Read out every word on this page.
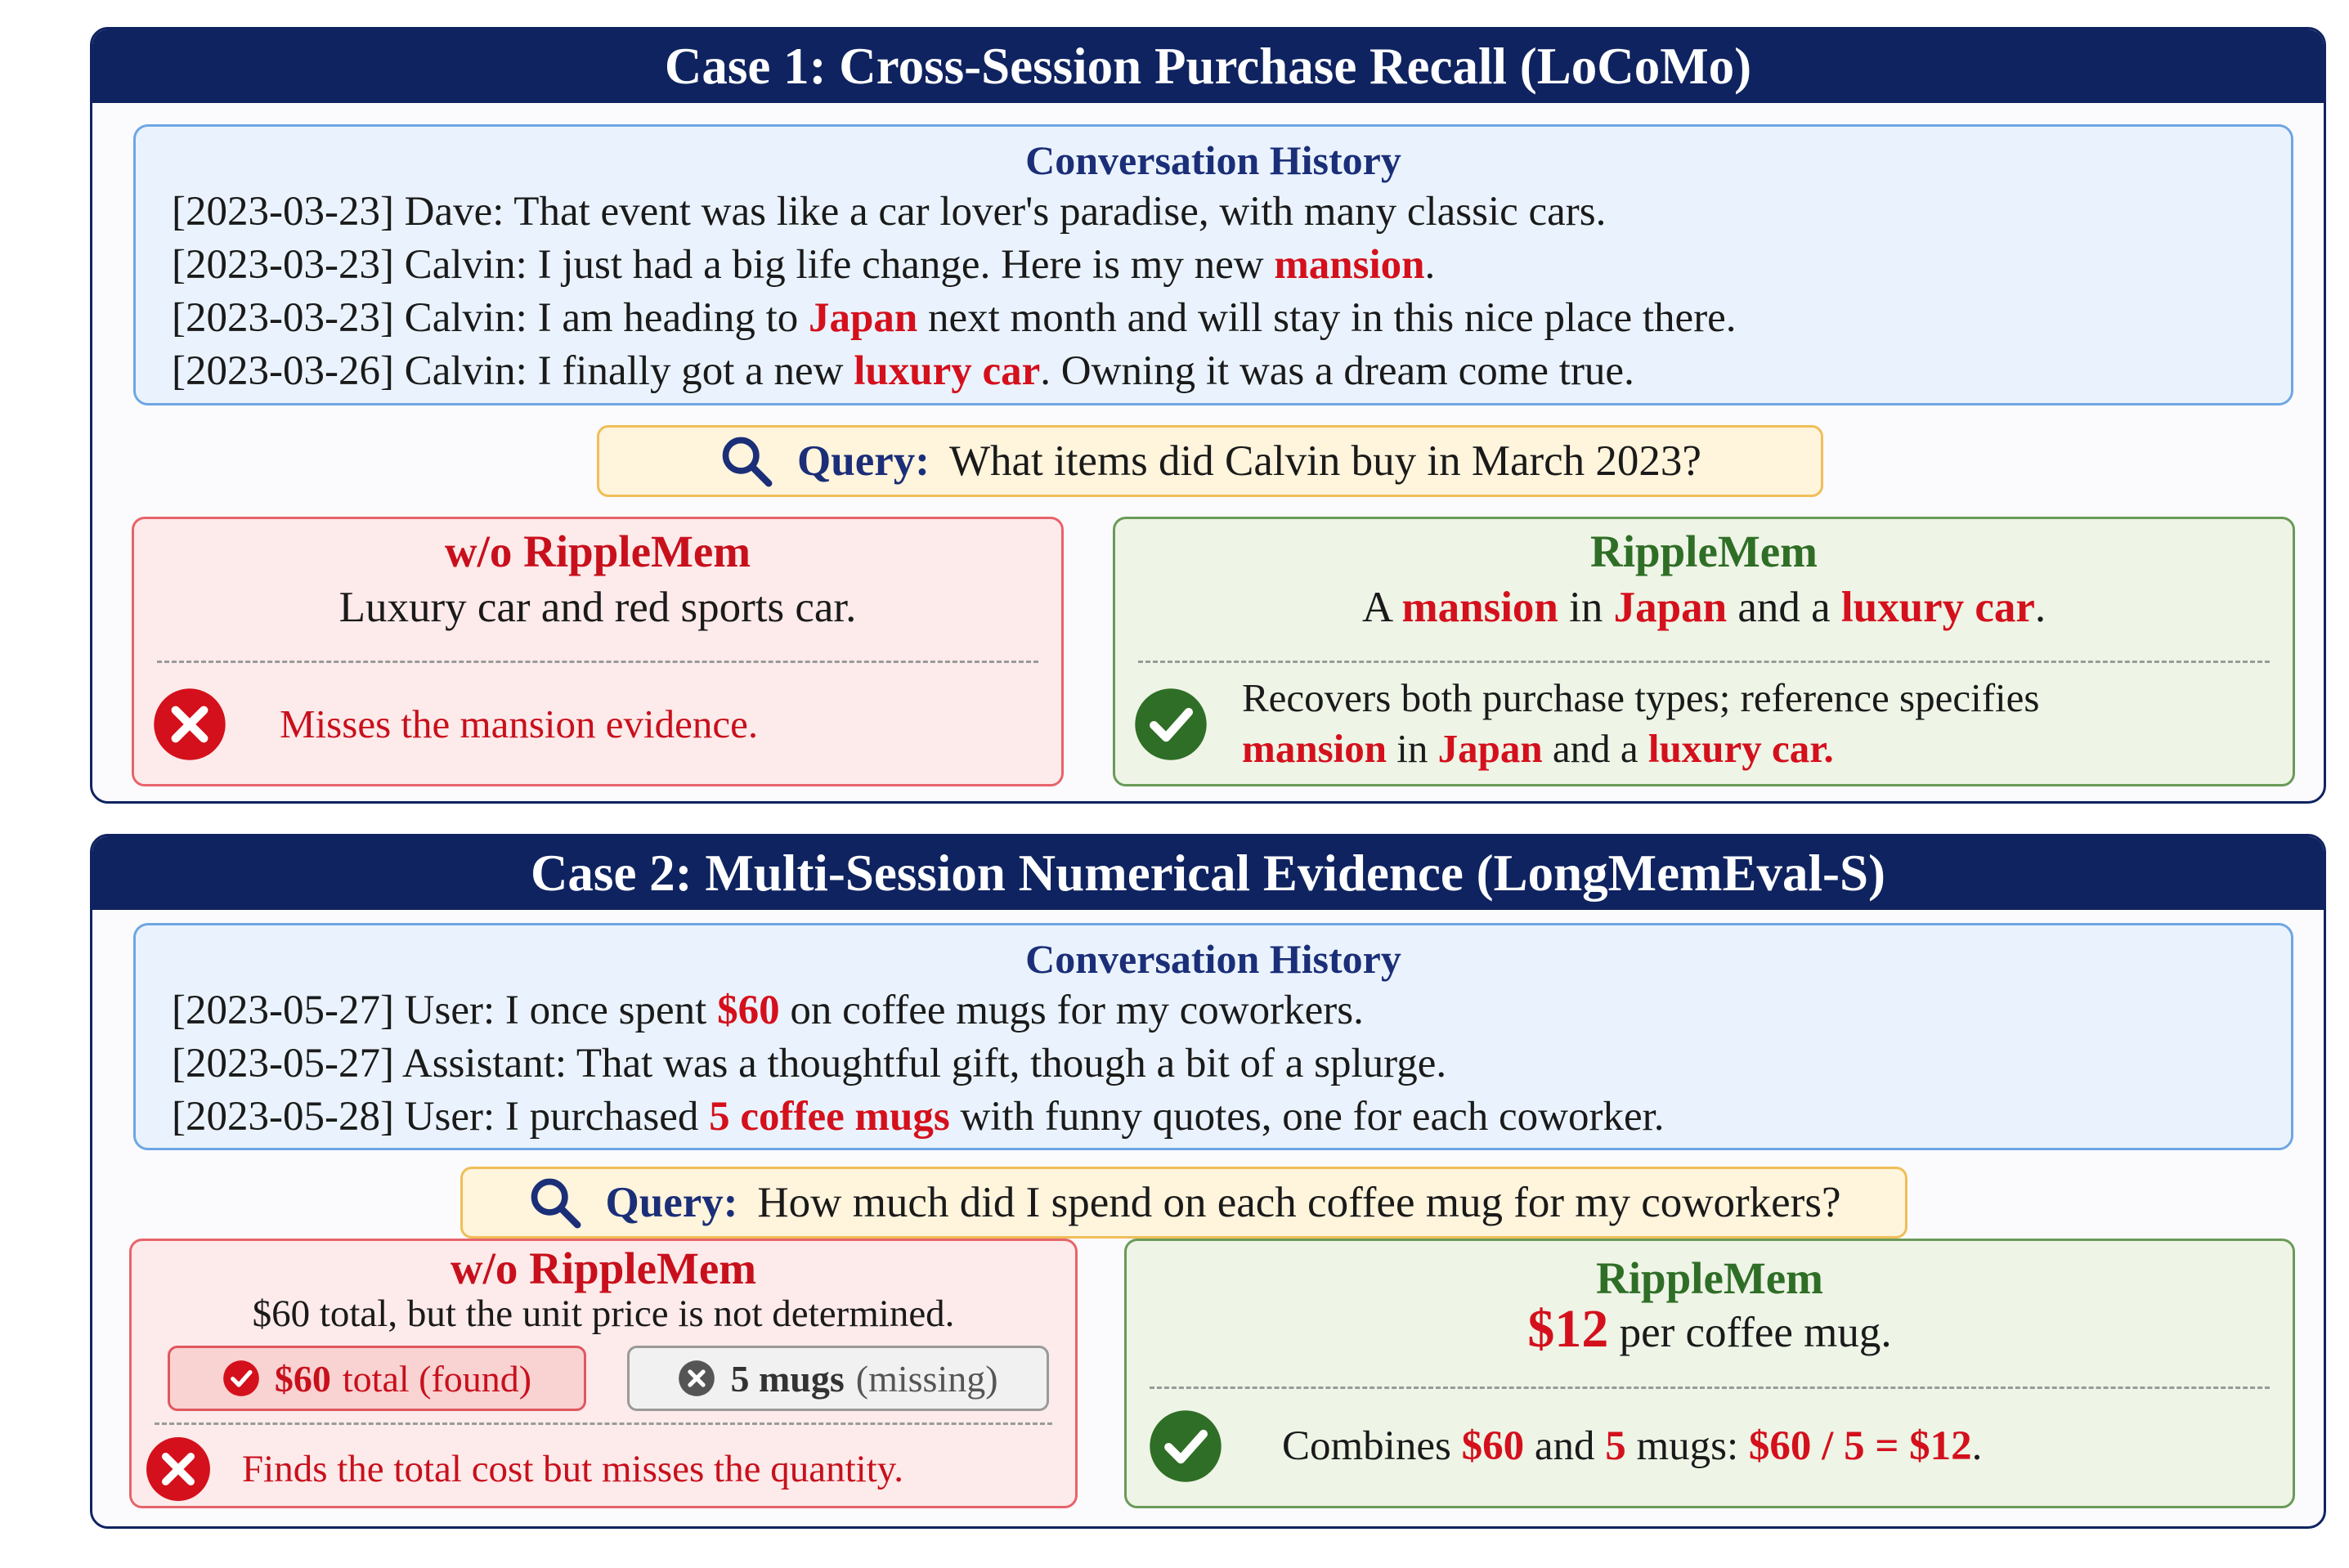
Case 1: Cross-Session Purchase Recall (LoCoMo)
Conversation History
[2023-03-23] Dave: That event was like a car lover's paradise, with many classic cars.
[2023-03-23] Calvin: I just had a big life change. Here is my new mansion.
[2023-03-23] Calvin: I am heading to Japan next month and will stay in this nice place there.
[2023-03-26] Calvin: I finally got a new luxury car. Owning it was a dream come true.
Query: What items did Calvin buy in March 2023?
w/o RippleMem
Luxury car and red sports car.
Misses the mansion evidence.
RippleMem
A mansion in Japan and a luxury car.
Recovers both purchase types; reference specifies
mansion in Japan and a luxury car.
Case 2: Multi-Session Numerical Evidence (LongMemEval-S)
Conversation History
[2023-05-27] User: I once spent $60 on coffee mugs for my coworkers.
[2023-05-27] Assistant: That was a thoughtful gift, though a bit of a splurge.
[2023-05-28] User: I purchased 5 coffee mugs with funny quotes, one for each coworker.
Query: How much did I spend on each coffee mug for my coworkers?
w/o RippleMem
$60 total, but the unit price is not determined.
$60 total (found)	5 mugs (missing)
Finds the total cost but misses the quantity.
RippleMem
$12 per coffee mug.
Combines $60 and 5 mugs: $60 / 5 = $12.
